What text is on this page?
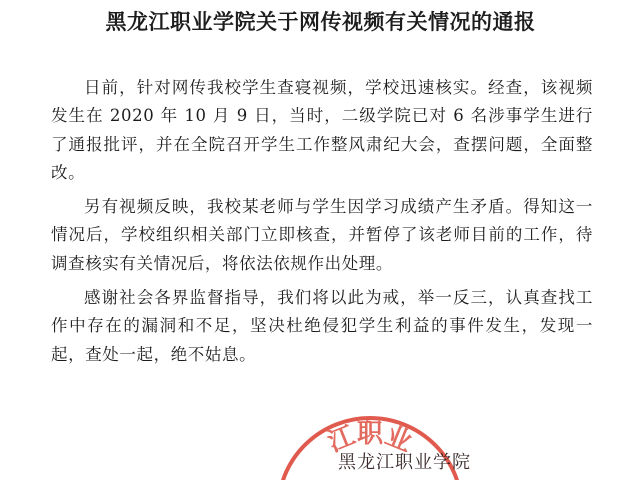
黑龙江职业学院关于网传视频有关情况的通报

日前，针对网传我校学生查寝视频，学校迅速核实。经查，该视频发生在 2020 年 10 月 9 日，当时，二级学院已对 6 名涉事学生进行了通报批评，并在全院召开学生工作整风肃纪大会，查摆问题，全面整改。

另有视频反映，我校某老师与学生因学习成绩产生矛盾。得知这一情况后，学校组织相关部门立即核查，并暂停了该老师目前的工作，待调查核实有关情况后，将依法依规作出处理。

感谢社会各界监督指导，我们将以此为戒，举一反三，认真查找工作中存在的漏洞和不足，坚决杜绝侵犯学生利益的事件发生，发现一起，查处一起，绝不姑息。

江职业
黑龙江职业学院
